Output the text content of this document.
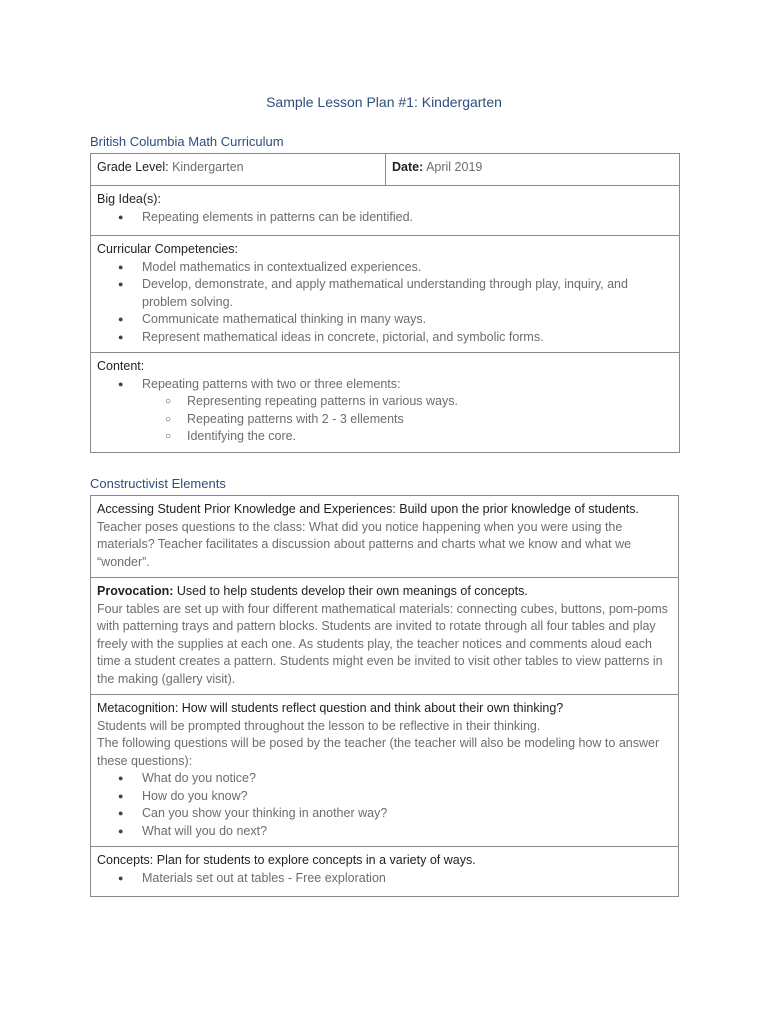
Sample Lesson Plan #1: Kindergarten
British Columbia Math Curriculum
Grade Level: Kindergarten	Date: April 2019

Big Idea(s):
● Repeating elements in patterns can be identified.

Curricular Competencies:
● Model mathematics in contextualized experiences.
● Develop, demonstrate, and apply mathematical understanding through play, inquiry, and problem solving.
● Communicate mathematical thinking in many ways.
● Represent mathematical ideas in concrete, pictorial, and symbolic forms.

Content:
● Repeating patterns with two or three elements:
○ Representing repeating patterns in various ways.
○ Repeating patterns with 2 - 3 ellements
○ Identifying the core.
Constructivist Elements
Accessing Student Prior Knowledge and Experiences: Build upon the prior knowledge of students.
Teacher poses questions to the class: What did you notice happening when you were using the materials? Teacher facilitates a discussion about patterns and charts what we know and what we “wonder”.

Provocation: Used to help students develop their own meanings of concepts.
Four tables are set up with four different mathematical materials: connecting cubes, buttons, pom-poms with patterning trays and pattern blocks. Students are invited to rotate through all four tables and play freely with the supplies at each one. As students play, the teacher notices and comments aloud each time a student creates a pattern. Students might even be invited to visit other tables to view patterns in the making (gallery visit).

Metacognition: How will students reflect question and think about their own thinking?
Students will be prompted throughout the lesson to be reflective in their thinking.
The following questions will be posed by the teacher (the teacher will also be modeling how to answer these questions):
● What do you notice?
● How do you know?
● Can you show your thinking in another way?
● What will you do next?

Concepts: Plan for students to explore concepts in a variety of ways.
● Materials set out at tables - Free exploration
